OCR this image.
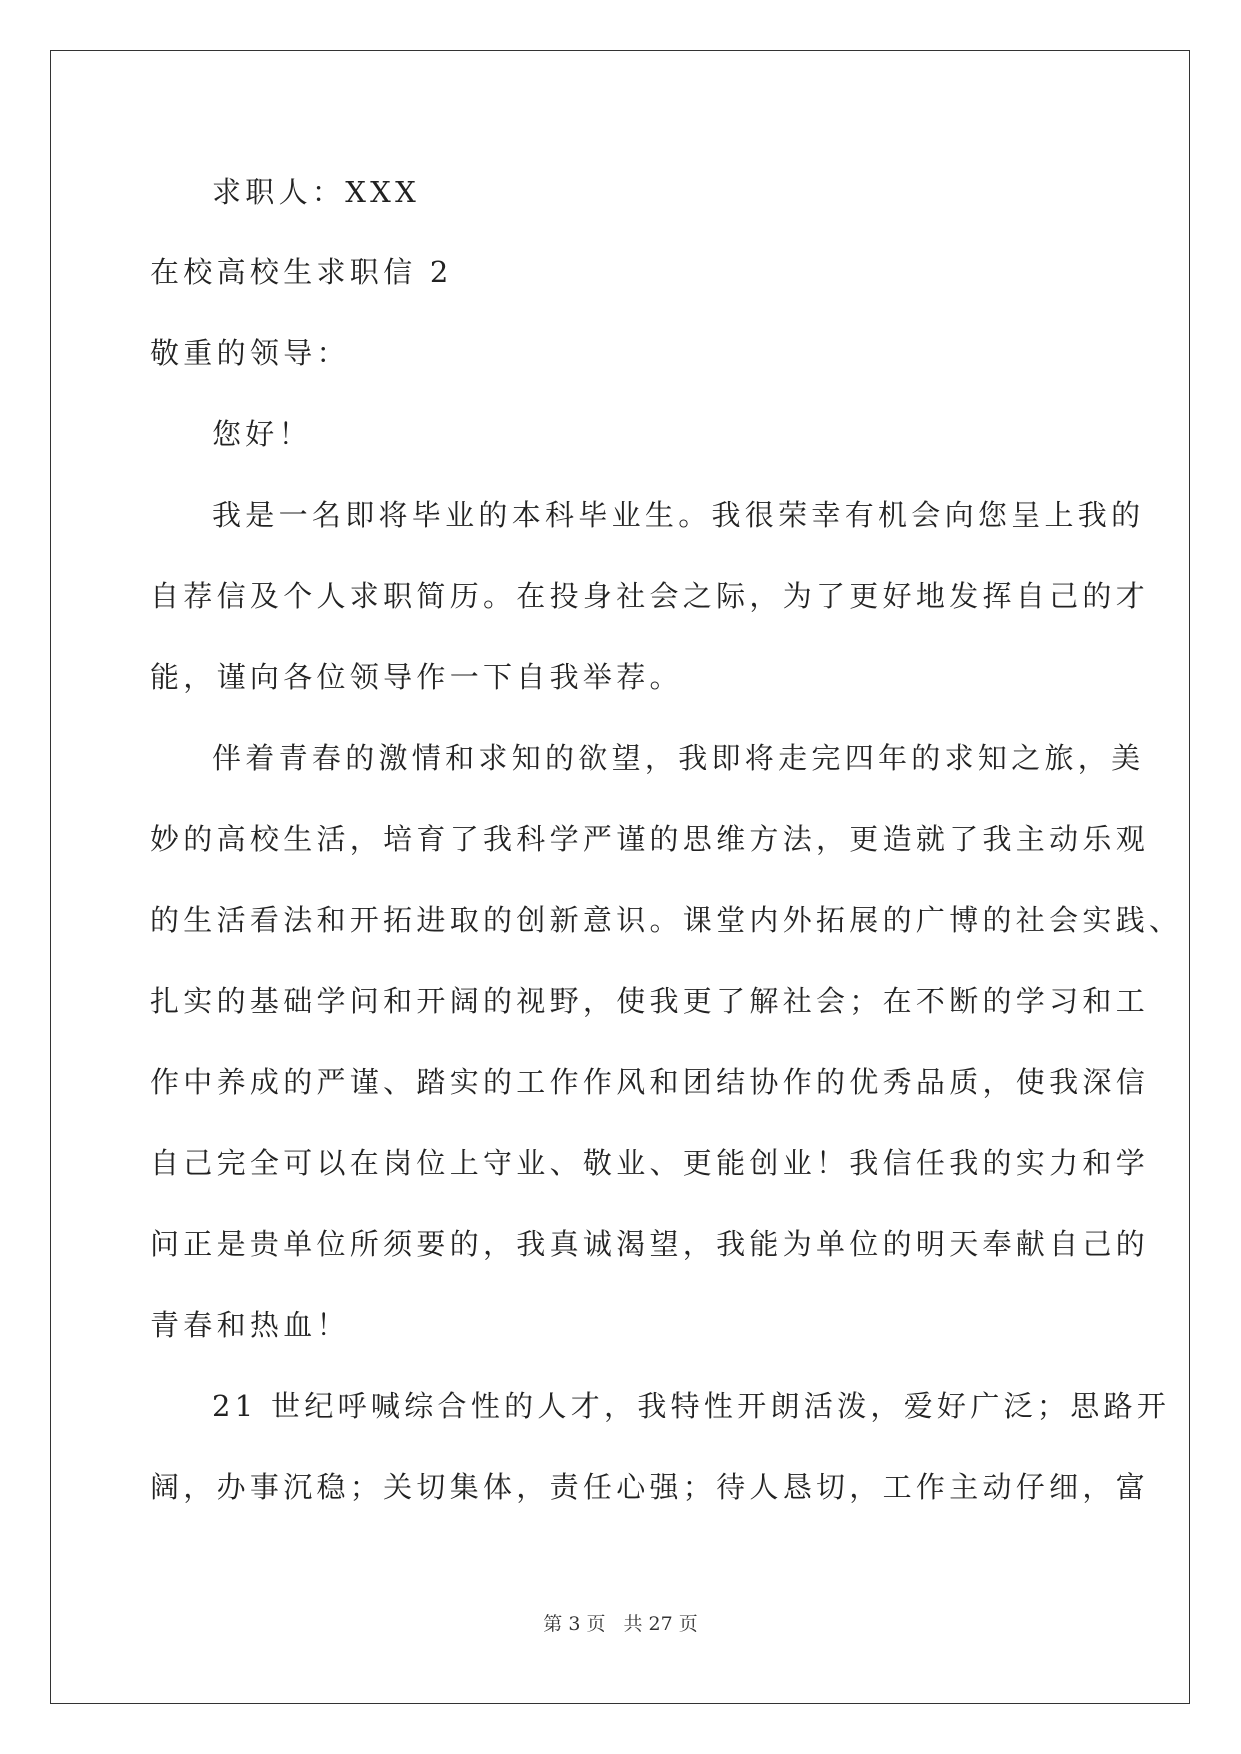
求职人：XXX
在校高校生求职信 2
敬重的领导：
您好！
我是一名即将毕业的本科毕业生。我很荣幸有机会向您呈上我的
自荐信及个人求职简历。在投身社会之际，为了更好地发挥自己的才
能，谨向各位领导作一下自我举荐。
伴着青春的激情和求知的欲望，我即将走完四年的求知之旅，美
妙的高校生活，培育了我科学严谨的思维方法，更造就了我主动乐观
的生活看法和开拓进取的创新意识。课堂内外拓展的广博的社会实践、
扎实的基础学问和开阔的视野，使我更了解社会；在不断的学习和工
作中养成的严谨、踏实的工作作风和团结协作的优秀品质，使我深信
自己完全可以在岗位上守业、敬业、更能创业！我信任我的实力和学
问正是贵单位所须要的，我真诚渴望，我能为单位的明天奉献自己的
青春和热血！
21 世纪呼喊综合性的人才，我特性开朗活泼，爱好广泛；思路开
阔，办事沉稳；关切集体，责任心强；待人恳切，工作主动仔细，富
第 3 页 共 27 页
